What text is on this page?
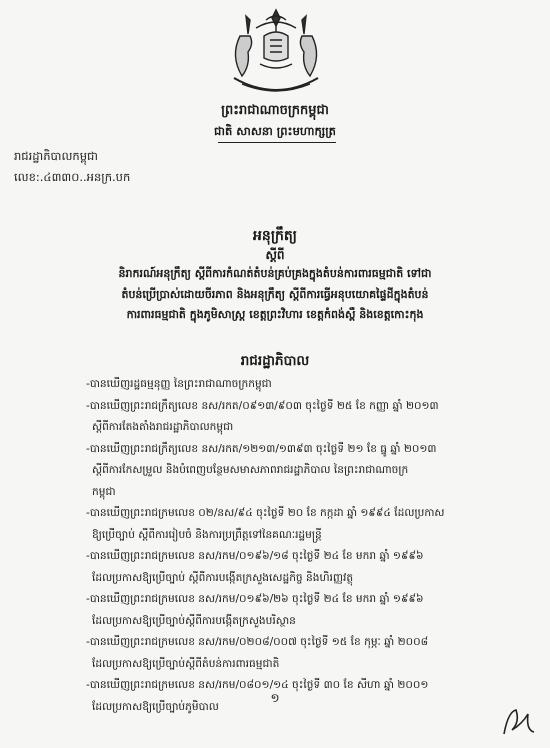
ព្រះរាជាណាចក្រកម្ពុជា
ជាតិ សាសនា ព្រះមហាក្សត្រ
រាជរដ្ឋាភិបាលកម្ពុជា
លេខ:.៤៣៣០..អនក្រ.បក
អនុក្រឹត្យ
ស្តីពី
និរាករណ៍អនុក្រឹត្យ ស្តីពីការកំណត់តំបន់គ្រប់គ្រងក្នុងតំបន់ការពារធម្មជាតិ ទៅជា
តំបន់ប្រើប្រាស់ដោយចីរភាព និងអនុក្រឹត្យ ស្តីពីការធ្វើអនុបយោគផ្ទៃដីក្នុងតំបន់
ការពារធម្មជាតិ ក្នុងភូមិសាស្ត្រ ខេត្តព្រះវិហារ ខេត្តកំពង់ស្ពឺ និងខេត្តកោះកុង
រាជរដ្ឋាភិបាល
-បានឃើញរដ្ឋធម្មនុញ្ញ នៃព្រះរាជាណាចក្រកម្ពុជា
-បានឃើញព្រះរាជក្រឹត្យលេខ នស/រកត/០៩១៣/៩០៣ ចុះថ្ងៃទី ២៥ ខែ កញ្ញា ឆ្នាំ ២០១៣
ស្តីពីការតែងតាំងរាជរដ្ឋាភិបាលកម្ពុជា
-បានឃើញព្រះរាជក្រឹត្យលេខ នស/រកត/១២១៣/១៣៩៣ ចុះថ្ងៃទី ២១ ខែ ធ្នូ ឆ្នាំ ២០១៣
ស្តីពីការកែសម្រួល និងបំពេញបន្ថែមសមាសភាពរាជរដ្ឋាភិបាល នៃព្រះរាជាណាចក្រ
កម្ពុជា
-បានឃើញព្រះរាជក្រមលេខ ០២/នស/៩៤ ចុះថ្ងៃទី ២០ ខែ កក្កដា ឆ្នាំ ១៩៩៤ ដែលប្រកាស
ឱ្យប្រើច្បាប់ ស្តីពីការរៀបចំ និងការប្រព្រឹត្តទៅនៃគណៈរដ្ឋមន្ត្រី
-បានឃើញព្រះរាជក្រមលេខ នស/រកម/០១៩៦/១៨ ចុះថ្ងៃទី ២៤ ខែ មករា ឆ្នាំ ១៩៩៦
ដែលប្រកាសឱ្យប្រើច្បាប់ ស្តីពីការបង្កើតក្រសួងសេដ្ឋកិច្ច និងហិរញ្ញវត្ថុ
-បានឃើញព្រះរាជក្រមលេខ នស/រកម/០១៩៦/២៦ ចុះថ្ងៃទី ២៤ ខែ មករា ឆ្នាំ ១៩៩៦
ដែលប្រកាសឱ្យប្រើច្បាប់ស្តីពីការបង្កើតក្រសួងបរិស្ថាន
-បានឃើញព្រះរាជក្រមលេខ នស/រកម/០២០៨/០០៧ ចុះថ្ងៃទី ១៥ ខែ កុម្ភៈ ឆ្នាំ ២០០៨
ដែលប្រកាសឱ្យប្រើច្បាប់ស្តីពីតំបន់ការពារធម្មជាតិ
-បានឃើញព្រះរាជក្រមលេខ នស/រកម/០៨០១/១៤ ចុះថ្ងៃទី ៣០ ខែ សីហា ឆ្នាំ ២០០១
ដែលប្រកាសឱ្យប្រើច្បាប់ភូមិបាល
១
